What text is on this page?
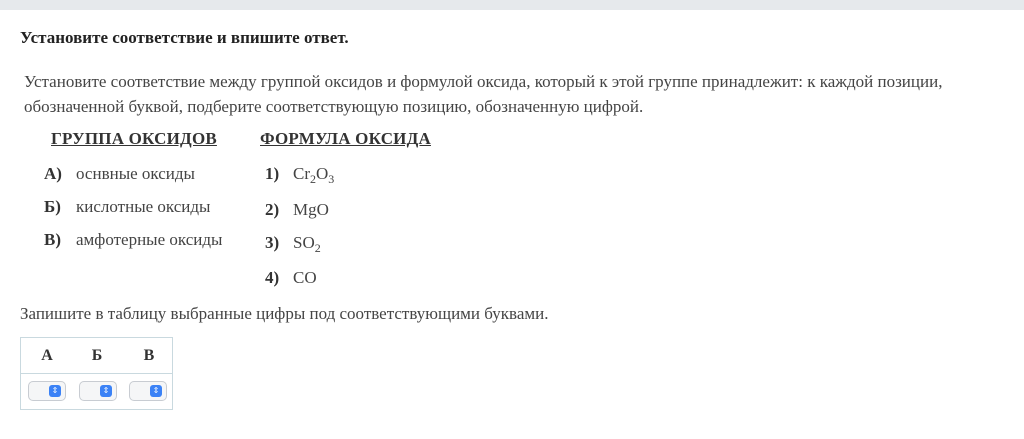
Установите соответствие и впишите ответ.
Установите соответствие между группой оксидов и формулой оксида, который к этой группе принадлежит: к каждой позиции, обозначенной буквой, подберите соответствующую позицию, обозначенную цифрой.
ГРУППА ОКСИДОВ	ФОРМУЛА ОКСИДА
А) оснвные оксиды
Б) кислотные оксиды
В) амфотерные оксиды
1) $Cr_2O_3$
2) MgO
3) $SO_2$
4) CO
Запишите в таблицу выбранные цифры под соответствующими буквами.
А	Б	В
⇕	⇕	⇕
